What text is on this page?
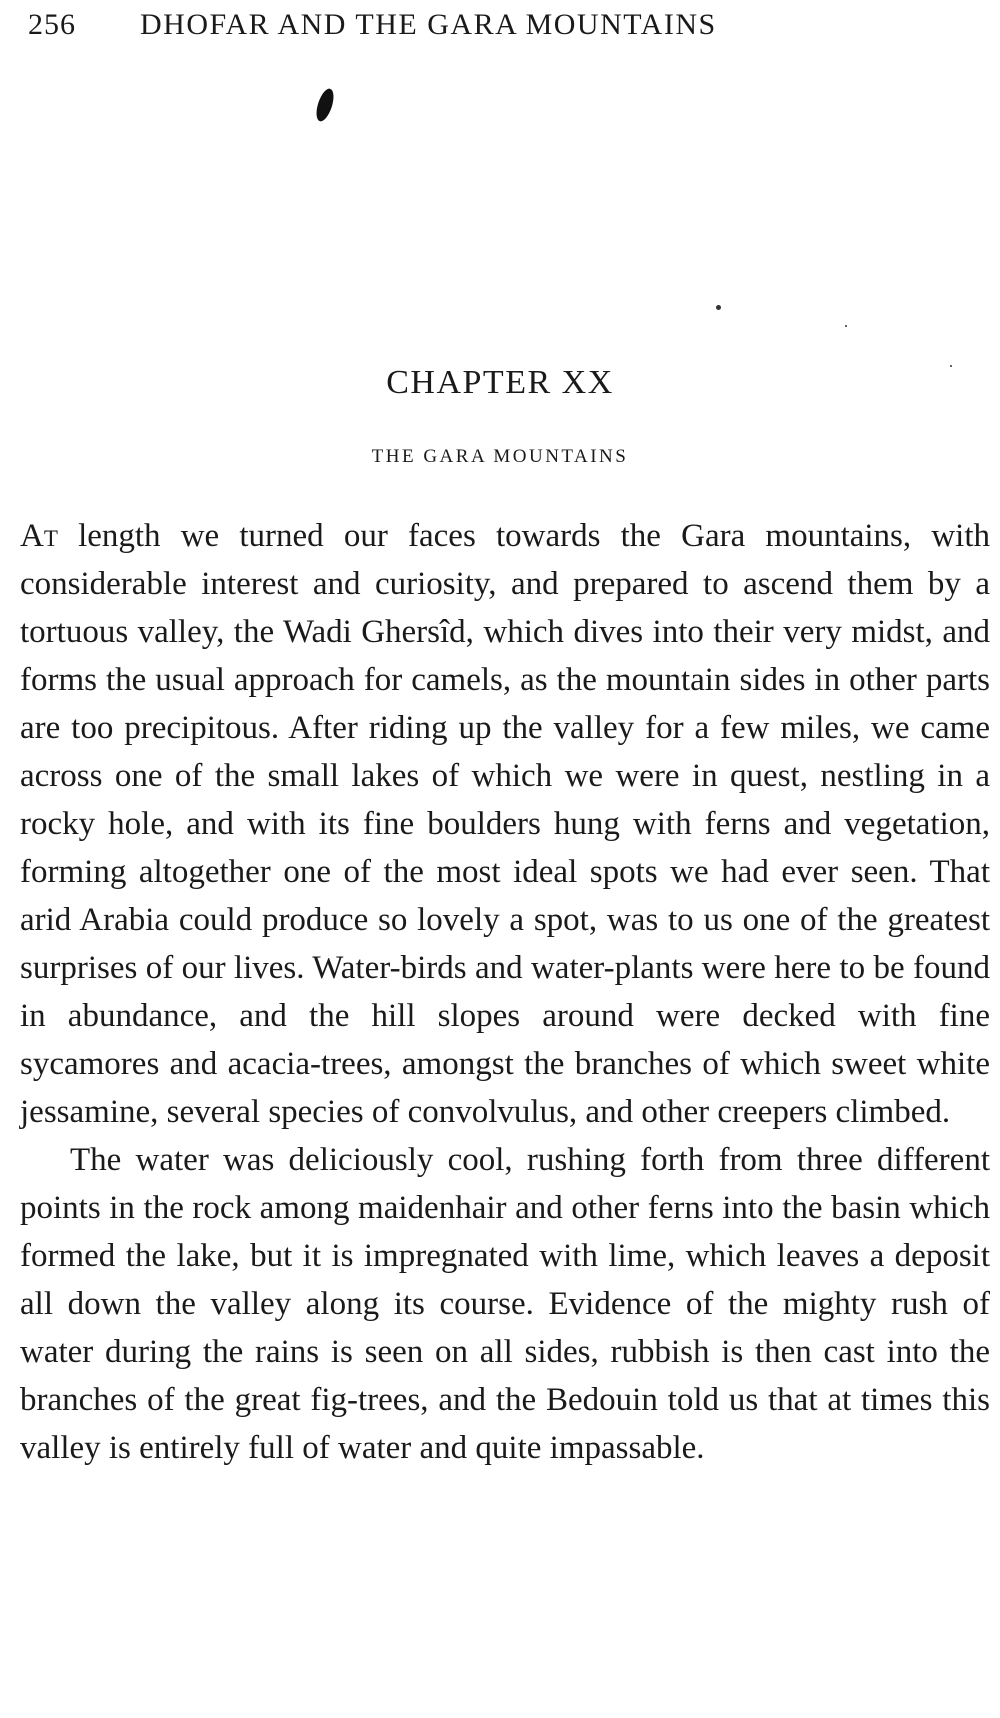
256	DHOFAR AND THE GARA MOUNTAINS
CHAPTER XX
THE GARA MOUNTAINS

At length we turned our faces towards the Gara mountains, with considerable interest and curiosity, and prepared to ascend them by a tortuous valley, the Wadi Ghersîd, which dives into their very midst, and forms the usual approach for camels, as the mountain sides in other parts are too precipitous. After riding up the valley for a few miles, we came across one of the small lakes of which we were in quest, nestling in a rocky hole, and with its fine boulders hung with ferns and vegetation, forming altogether one of the most ideal spots we had ever seen. That arid Arabia could produce so lovely a spot, was to us one of the greatest surprises of our lives. Water-birds and water-plants were here to be found in abundance, and the hill slopes around were decked with fine sycamores and acacia-trees, amongst the branches of which sweet white jessamine, several species of convolvulus, and other creepers climbed.

The water was deliciously cool, rushing forth from three different points in the rock among maidenhair and other ferns into the basin which formed the lake, but it is impregnated with lime, which leaves a deposit all down the valley along its course. Evidence of the mighty rush of water during the rains is seen on all sides, rubbish is then cast into the branches of the great fig-trees, and the Bedouin told us that at times this valley is entirely full of water and quite impassable.
